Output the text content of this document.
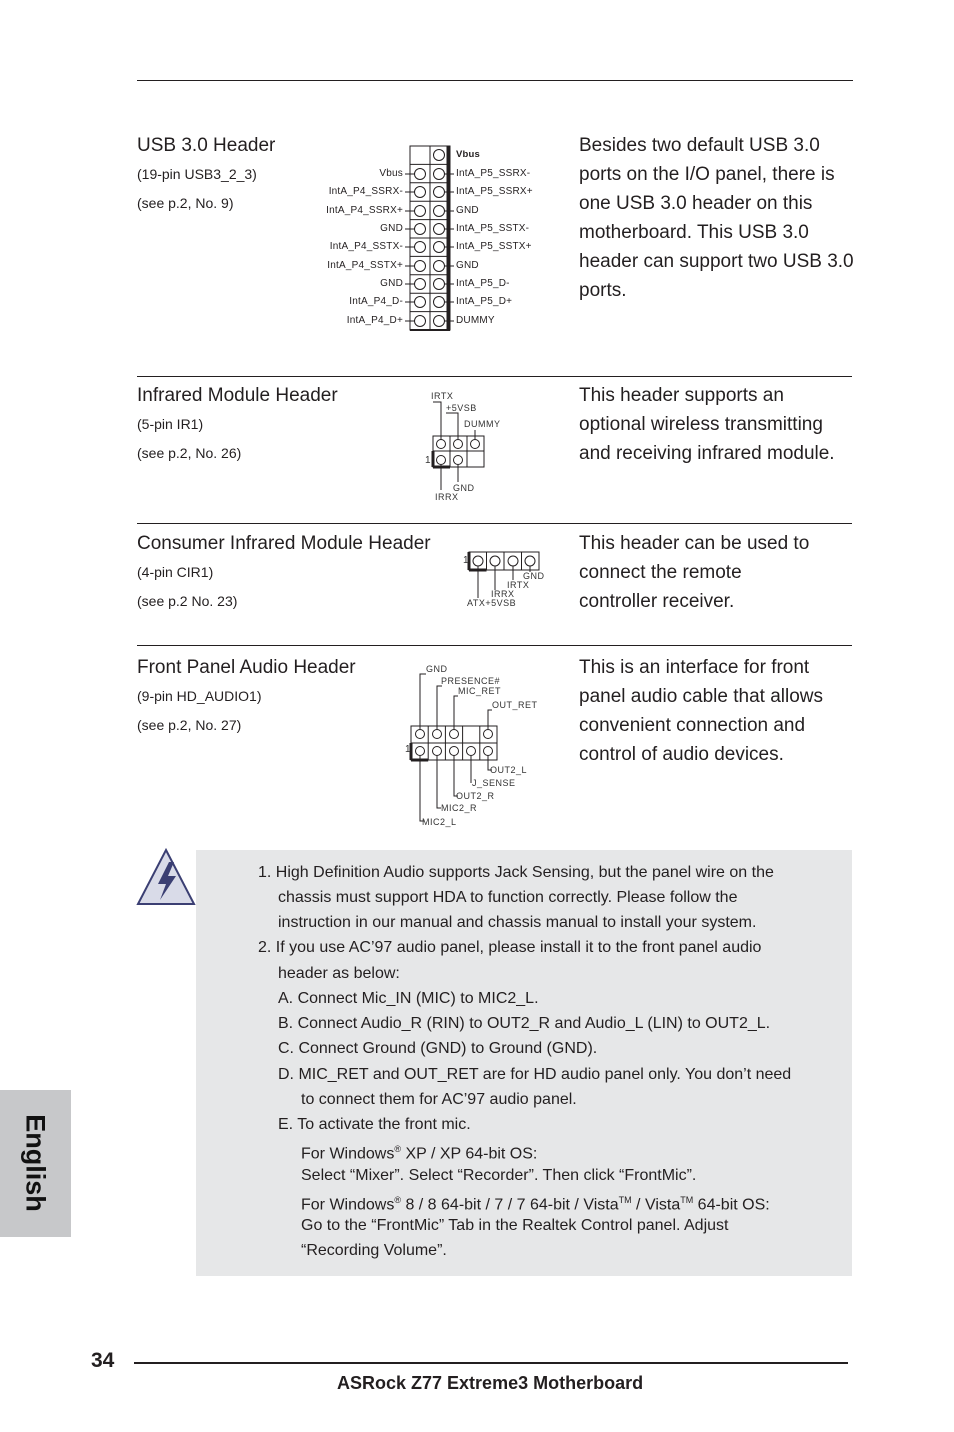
USB 3.0 Header
(19-pin USB3_2_3)
(see p.2, No. 9)
Besides two default USB 3.0
ports on the I/O panel, there is
one USB 3.0 header on this
motherboard. This USB 3.0
header can support two USB 3.0
ports.
Vbus
IntA_P4_SSRX-
IntA_P4_SSRX+
GND
IntA_P4_SSTX-
IntA_P4_SSTX+
GND
IntA_P4_D-
IntA_P4_D+
Vbus
IntA_P5_SSRX-
IntA_P5_SSRX+
GND
IntA_P5_SSTX-
IntA_P5_SSTX+
GND
IntA_P5_D-
IntA_P5_D+
DUMMY
Infrared Module Header
(5-pin IR1)
(see p.2, No. 26)
This header supports an
optional wireless transmitting
and receiving infrared module.
IRTX
+5VSB
DUMMY
1
GND
IRRX
Consumer Infrared Module Header
(4-pin CIR1)
(see p.2 No. 23)
This header can be used to
connect the remote
controller receiver.
1
GND
IRTX
IRRX
ATX+5VSB
Front Panel Audio Header
(9-pin HD_AUDIO1)
(see p.2, No. 27)
This is an interface for front
panel audio cable that allows
convenient connection and
control of audio devices.
GND
PRESENCE#
MIC_RET
OUT_RET
1
OUT2_L
J_SENSE
OUT2_R
MIC2_R
MIC2_L
1. High Definition Audio supports Jack Sensing, but the panel wire on the
chassis must support HDA to function correctly. Please follow the
instruction in our manual and chassis manual to install your system.
2. If you use AC’97 audio panel, please install it to the front panel audio
header as below:
A. Connect Mic_IN (MIC) to MIC2_L.
B. Connect Audio_R (RIN) to OUT2_R and Audio_L (LIN) to OUT2_L.
C. Connect Ground (GND) to Ground (GND).
D. MIC_RET and OUT_RET are for HD audio panel only. You don’t need
to connect them for AC’97 audio panel.
E. To activate the front mic.
For Windows® XP / XP 64-bit OS:
Select “Mixer”. Select “Recorder”. Then click “FrontMic”.
For Windows® 8 / 8 64-bit / 7 / 7 64-bit / Vista™ / Vista™ 64-bit OS:
Go to the “FrontMic” Tab in the Realtek Control panel. Adjust
“Recording Volume”.
English
34
ASRock Z77 Extreme3 Motherboard
